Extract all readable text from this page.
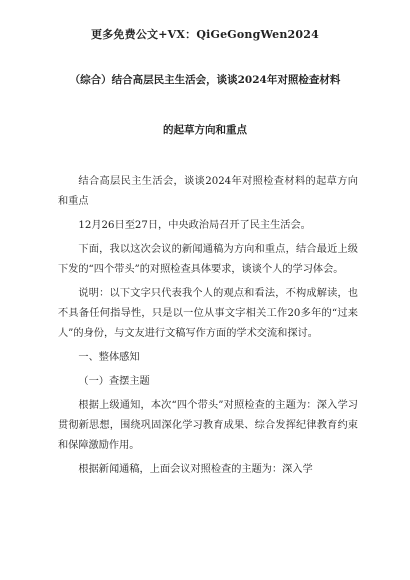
更多免费公文+VX：QiGeGongWen2024
（综合）结合高层民主生活会，谈谈2024年对照检查材料
的起草方向和重点

结合高层民主生活会，谈谈2024年对照检查材料的起草方向和重点

12月26日至27日，中央政治局召开了民主生活会。

下面，我以这次会议的新闻通稿为方向和重点，结合最近上级下发的“四个带头”的对照检查具体要求，谈谈个人的学习体会。

说明：以下文字只代表我个人的观点和看法，不构成解读，也不具备任何指导性，只是以一位从事文字相关工作20多年的“过来人”的身份，与文友进行文稿写作方面的学术交流和探讨。

一、整体感知

（一）查摆主题

根据上级通知，本次“四个带头”对照检查的主题为：深入学习贯彻新思想，围绕巩固深化学习教育成果、综合发挥纪律教育约束和保障激励作用。

根据新闻通稿，上面会议对照检查的主题为：深入学
